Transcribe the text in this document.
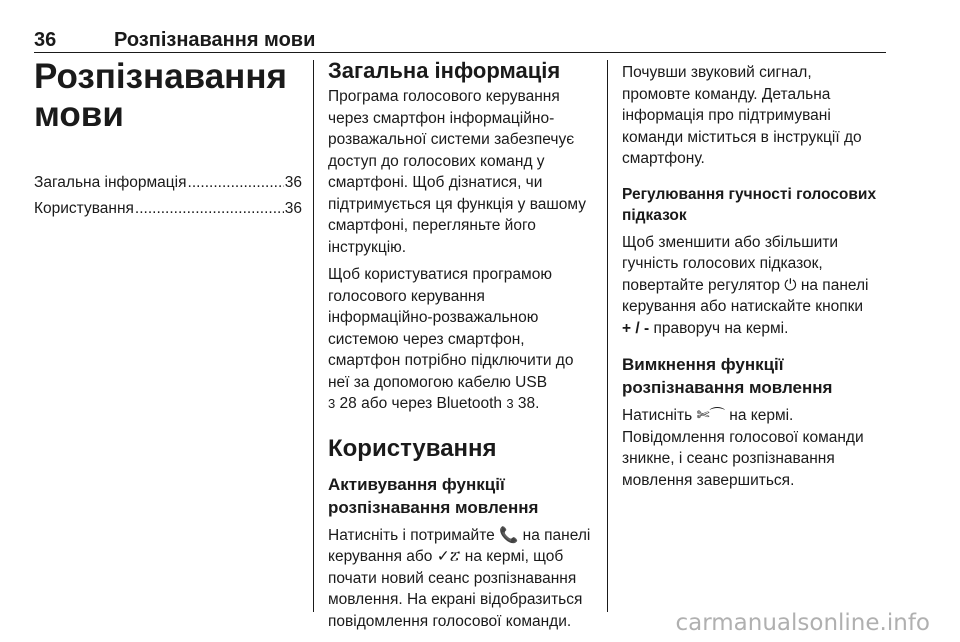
36	Розпізнавання мови
Розпізнавання
мови
Загальна інформація .....	36
Користування .....	36
Загальна інформація

Програма голосового керування
через смартфон інформаційно-
розважальної системи забезпечує
доступ до голосових команд у
смартфоні. Щоб дізнатися, чи
підтримується ця функція у вашому
смартфоні, перегляньте його
інструкцію.

Щоб користуватися програмою
голосового керування
інформаційно-розважальною
системою через смартфон,
смартфон потрібно підключити до
неї за допомогою кабелю USB
3 28 або через Bluetooth 3 38.

Користування
Активування функції
розпізнавання мовлення

Натисніть і потримайте 📞 на панелі
керування або ✓ፘ на кермі, щоб
почати новий сеанс розпізнавання
мовлення. На екрані відобразиться
повідомлення голосової команди.

Почувши звуковий сигнал,
промовте команду. Детальна
інформація про підтримувані
команди міститься в інструкції до
смартфону.

Регулювання гучності голосових
підказок

Щоб зменшити або збільшити
гучність голосових підказок,
повертайте регулятор ⏻ на панелі
керування або натискайте кнопки
+ / - праворуч на кермі.

Вимкнення функції
розпізнавання мовлення

Натисніть ✄⌒ на кермі.
Повідомлення голосової команди
зникне, і сеанс розпізнавання
мовлення завершиться.

carmanualsonline.info
